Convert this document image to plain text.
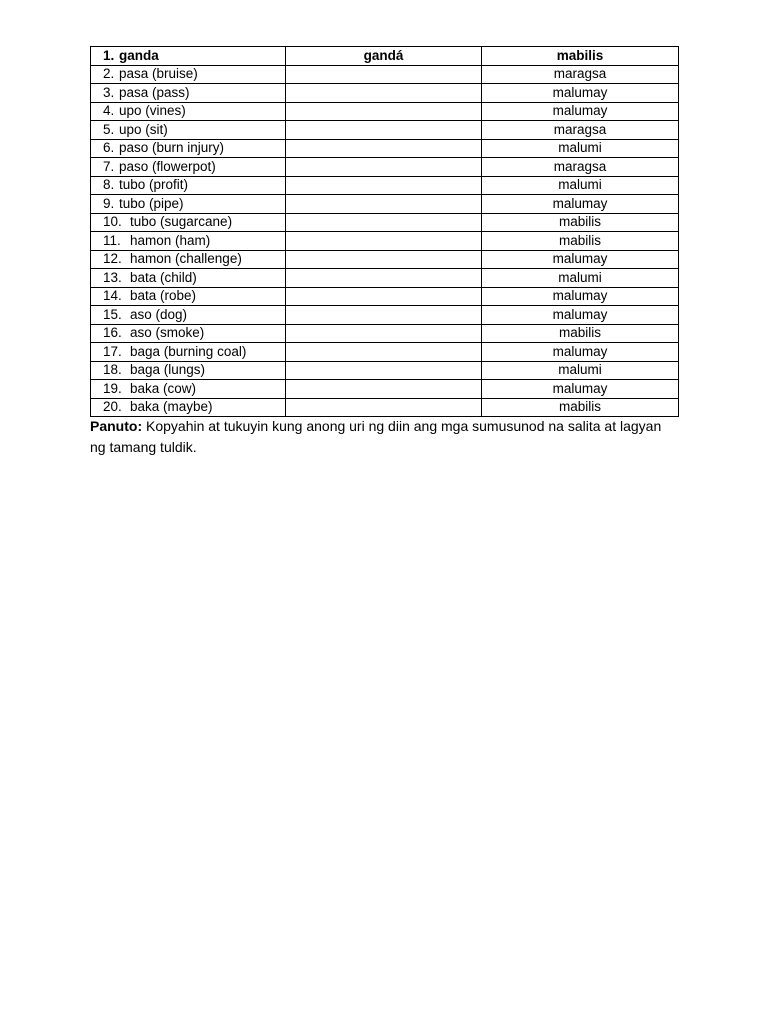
1. ganda	gandá	mabilis
2. pasa (bruise)		maragsa
3. pasa (pass)		malumay
4. upo (vines)		malumay
5. upo (sit)		maragsa
6. paso (burn injury)		malumi
7. paso (flowerpot)		maragsa
8. tubo (profit)		malumi
9. tubo (pipe)		malumay
10. tubo (sugarcane)		mabilis
11. hamon (ham)		mabilis
12. hamon (challenge)		malumay
13. bata (child)		malumi
14. bata (robe)		malumay
15. aso (dog)		malumay
16. aso (smoke)		mabilis
17. baga (burning coal)		malumay
18. baga (lungs)		malumi
19. baka (cow)		malumay
20. baka (maybe)		mabilis
Panuto: Kopyahin at tukuyin kung anong uri ng diin ang mga sumusunod na salita at lagyan ng tamang tuldik.
